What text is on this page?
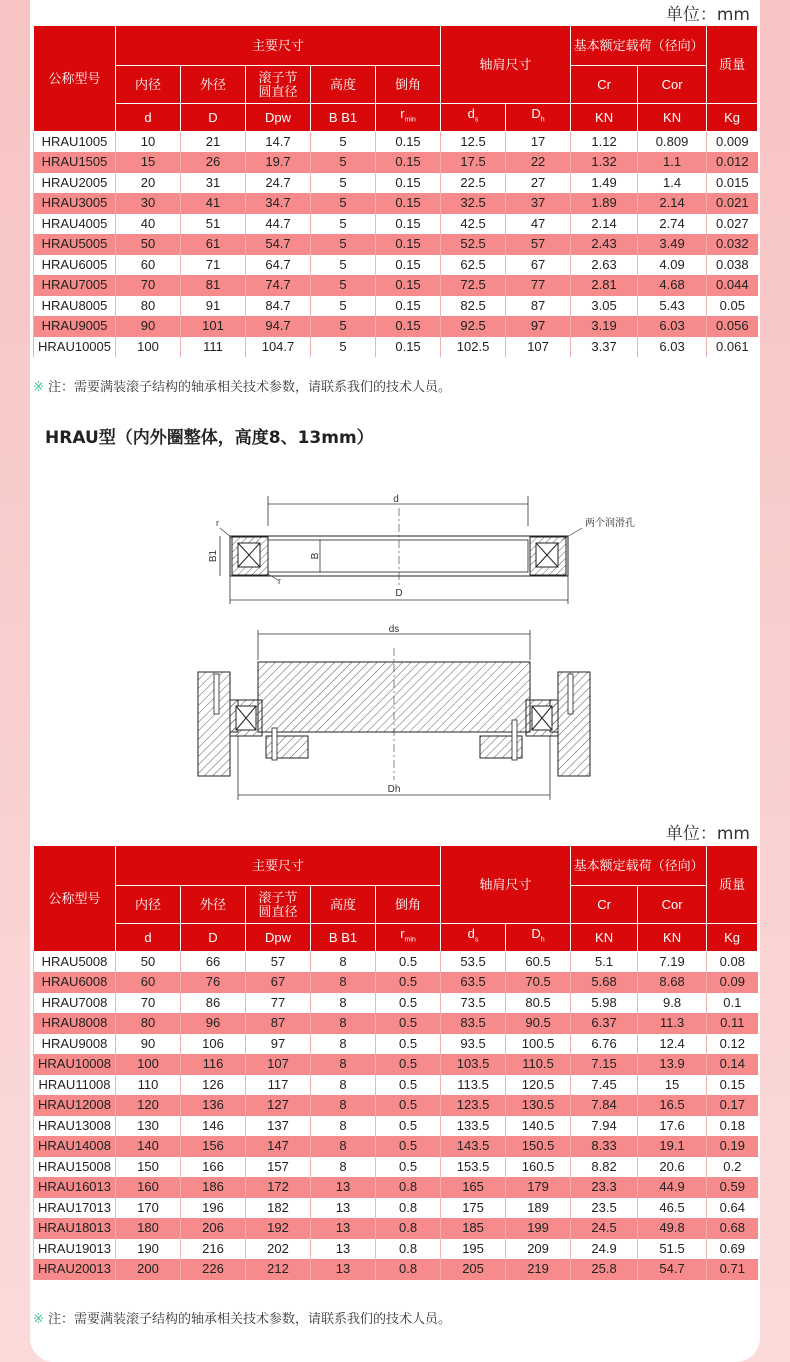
单位：mm
公称型号	主要尺寸					轴肩尺寸		基本额定载荷（径向）		质量
	内径	外径	滚子节
圆直径	高度	倒角			Cr	Cor	
	d	D	Dpw	B B1	$r_{min}$	$d_s$	$D_h$	KN	KN	Kg
HRAU1005	10	21	14.7	5	0.15	12.5	17	1.12	0.809	0.009
HRAU1505	15	26	19.7	5	0.15	17.5	22	1.32	1.1	0.012
HRAU2005	20	31	24.7	5	0.15	22.5	27	1.49	1.4	0.015
HRAU3005	30	41	34.7	5	0.15	32.5	37	1.89	2.14	0.021
HRAU4005	40	51	44.7	5	0.15	42.5	47	2.14	2.74	0.027
HRAU5005	50	61	54.7	5	0.15	52.5	57	2.43	3.49	0.032
HRAU6005	60	71	64.7	5	0.15	62.5	67	2.63	4.09	0.038
HRAU7005	70	81	74.7	5	0.15	72.5	77	2.81	4.68	0.044
HRAU8005	80	91	84.7	5	0.15	82.5	87	3.05	5.43	0.05
HRAU9005	90	101	94.7	5	0.15	92.5	97	3.19	6.03	0.056
HRAU10005	100	111	104.7	5	0.15	102.5	107	3.37	6.03	0.061
※ 注：需要满装滚子结构的轴承相关技术参数，请联系我们的技术人员。
HRAU型（内外圈整体，高度8、13mm）
d
D
B
B1
r
r
两个润滑孔
ds
Dh
单位：mm
公称型号	主要尺寸					轴肩尺寸		基本额定载荷（径向）		质量
	内径	外径	滚子节
圆直径	高度	倒角			Cr	Cor	
	d	D	Dpw	B B1	$r_{min}$	$d_s$	$D_h$	KN	KN	Kg
HRAU5008	50	66	57	8	0.5	53.5	60.5	5.1	7.19	0.08
HRAU6008	60	76	67	8	0.5	63.5	70.5	5.68	8.68	0.09
HRAU7008	70	86	77	8	0.5	73.5	80.5	5.98	9.8	0.1
HRAU8008	80	96	87	8	0.5	83.5	90.5	6.37	11.3	0.11
HRAU9008	90	106	97	8	0.5	93.5	100.5	6.76	12.4	0.12
HRAU10008	100	116	107	8	0.5	103.5	110.5	7.15	13.9	0.14
HRAU11008	110	126	117	8	0.5	113.5	120.5	7.45	15	0.15
HRAU12008	120	136	127	8	0.5	123.5	130.5	7.84	16.5	0.17
HRAU13008	130	146	137	8	0.5	133.5	140.5	7.94	17.6	0.18
HRAU14008	140	156	147	8	0.5	143.5	150.5	8.33	19.1	0.19
HRAU15008	150	166	157	8	0.5	153.5	160.5	8.82	20.6	0.2
HRAU16013	160	186	172	13	0.8	165	179	23.3	44.9	0.59
HRAU17013	170	196	182	13	0.8	175	189	23.5	46.5	0.64
HRAU18013	180	206	192	13	0.8	185	199	24.5	49.8	0.68
HRAU19013	190	216	202	13	0.8	195	209	24.9	51.5	0.69
HRAU20013	200	226	212	13	0.8	205	219	25.8	54.7	0.71
※ 注：需要满装滚子结构的轴承相关技术参数，请联系我们的技术人员。
